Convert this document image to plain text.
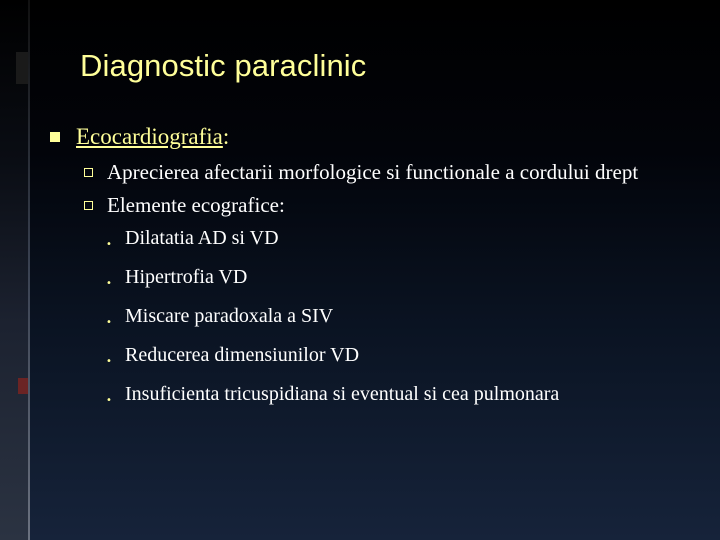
Diagnostic paraclinic
Ecocardiografia:
Aprecierea afectarii morfologice si functionale a cordului drept
Elemente ecografice:
• Dilatatia AD si VD
• Hipertrofia VD
• Miscare paradoxala a SIV
• Reducerea dimensiunilor VD
• Insuficienta tricuspidiana si eventual si cea pulmonara
